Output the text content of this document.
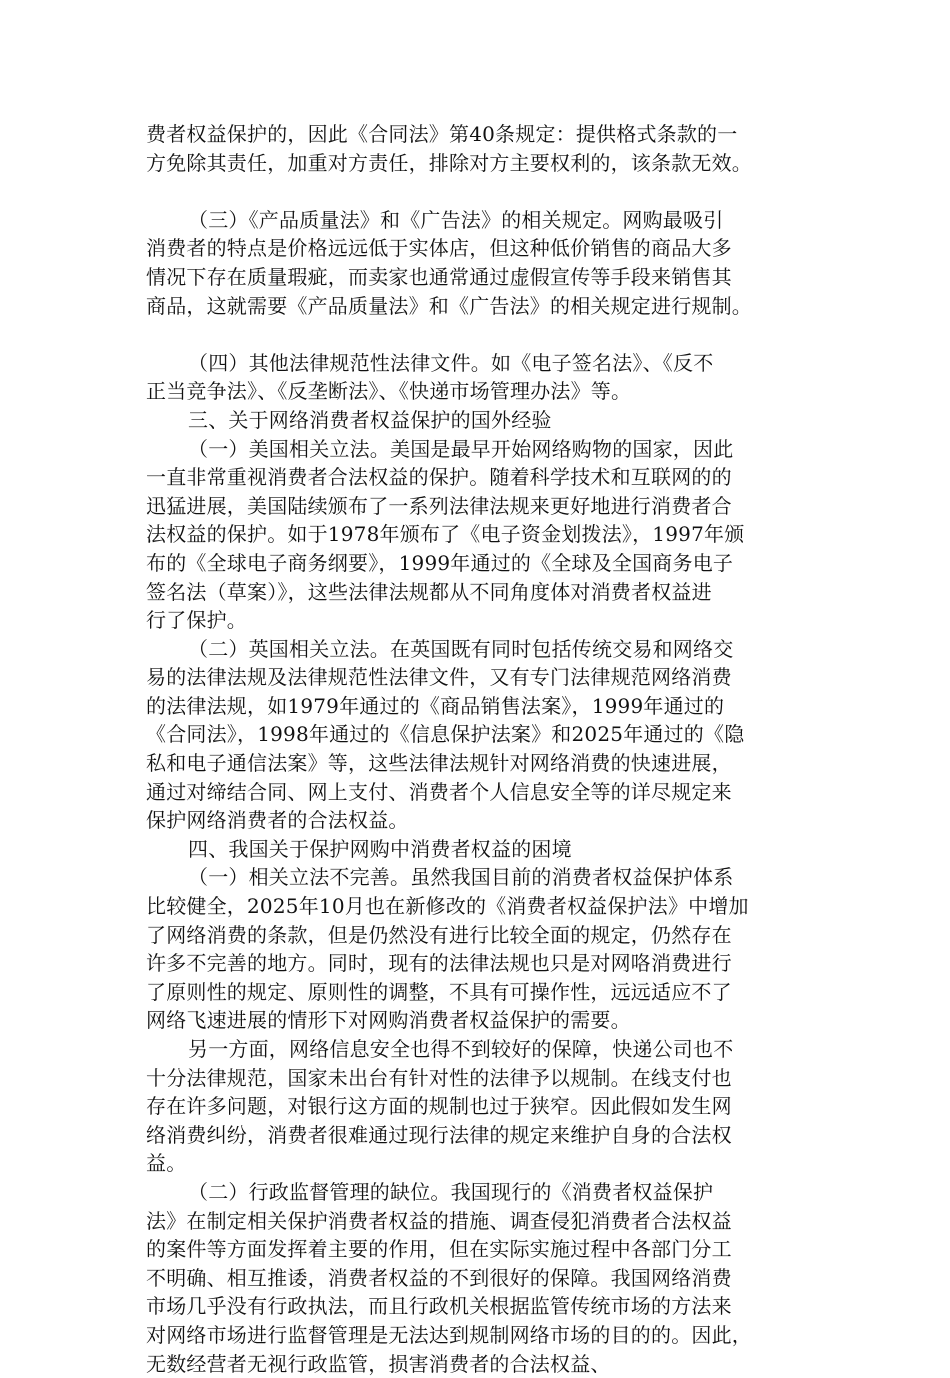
费者权益保护的，因此《合同法》第40条规定：提供格式条款的一
方免除其责任，加重对方责任，排除对方主要权利的，该条款无效。
（三）《产品质量法》和《广告法》的相关规定。网购最吸引
消费者的特点是价格远远低于实体店，但这种低价销售的商品大多
情况下存在质量瑕疵，而卖家也通常通过虚假宣传等手段来销售其
商品，这就需要《产品质量法》和《广告法》的相关规定进行规制。
（四）其他法律规范性法律文件。如《电子签名法》、《反不
正当竞争法》、《反垄断法》、《快递市场管理办法》等。
三、关于网络消费者权益保护的国外经验
（一）美国相关立法。美国是最早开始网络购物的国家，因此
一直非常重视消费者合法权益的保护。随着科学技术和互联网的的
迅猛进展，美国陆续颁布了一系列法律法规来更好地进行消费者合
法权益的保护。如于1978年颁布了《电子资金划拨法》，1997年颁
布的《全球电子商务纲要》，1999年通过的《全球及全国商务电子
签名法（草案）》，这些法律法规都从不同角度体对消费者权益进
行了保护。
（二）英国相关立法。在英国既有同时包括传统交易和网络交
易的法律法规及法律规范性法律文件，又有专门法律规范网络消费
的法律法规，如1979年通过的《商品销售法案》，1999年通过的
《合同法》，1998年通过的《信息保护法案》和2025年通过的《隐
私和电子通信法案》等，这些法律法规针对网络消费的快速进展，
通过对缔结合同、网上支付、消费者个人信息安全等的详尽规定来
保护网络消费者的合法权益。
四、我国关于保护网购中消费者权益的困境
（一）相关立法不完善。虽然我国目前的消费者权益保护体系
比较健全，2025年10月也在新修改的《消费者权益保护法》中增加
了网络消费的条款，但是仍然没有进行比较全面的规定，仍然存在
许多不完善的地方。同时，现有的法律法规也只是对网咯消费进行
了原则性的规定、原则性的调整，不具有可操作性，远远适应不了
网络飞速进展的情形下对网购消费者权益保护的需要。
另一方面，网络信息安全也得不到较好的保障，快递公司也不
十分法律规范，国家未出台有针对性的法律予以规制。在线支付也
存在许多问题，对银行这方面的规制也过于狭窄。因此假如发生网
络消费纠纷，消费者很难通过现行法律的规定来维护自身的合法权
益。
（二）行政监督管理的缺位。我国现行的《消费者权益保护
法》在制定相关保护消费者权益的措施、调查侵犯消费者合法权益
的案件等方面发挥着主要的作用，但在实际实施过程中各部门分工
不明确、相互推诿，消费者权益的不到很好的保障。我国网络消费
市场几乎没有行政执法，而且行政机关根据监管传统市场的方法来
对网络市场进行监督管理是无法达到规制网络市场的目的的。因此，
无数经营者无视行政监管，损害消费者的合法权益、
